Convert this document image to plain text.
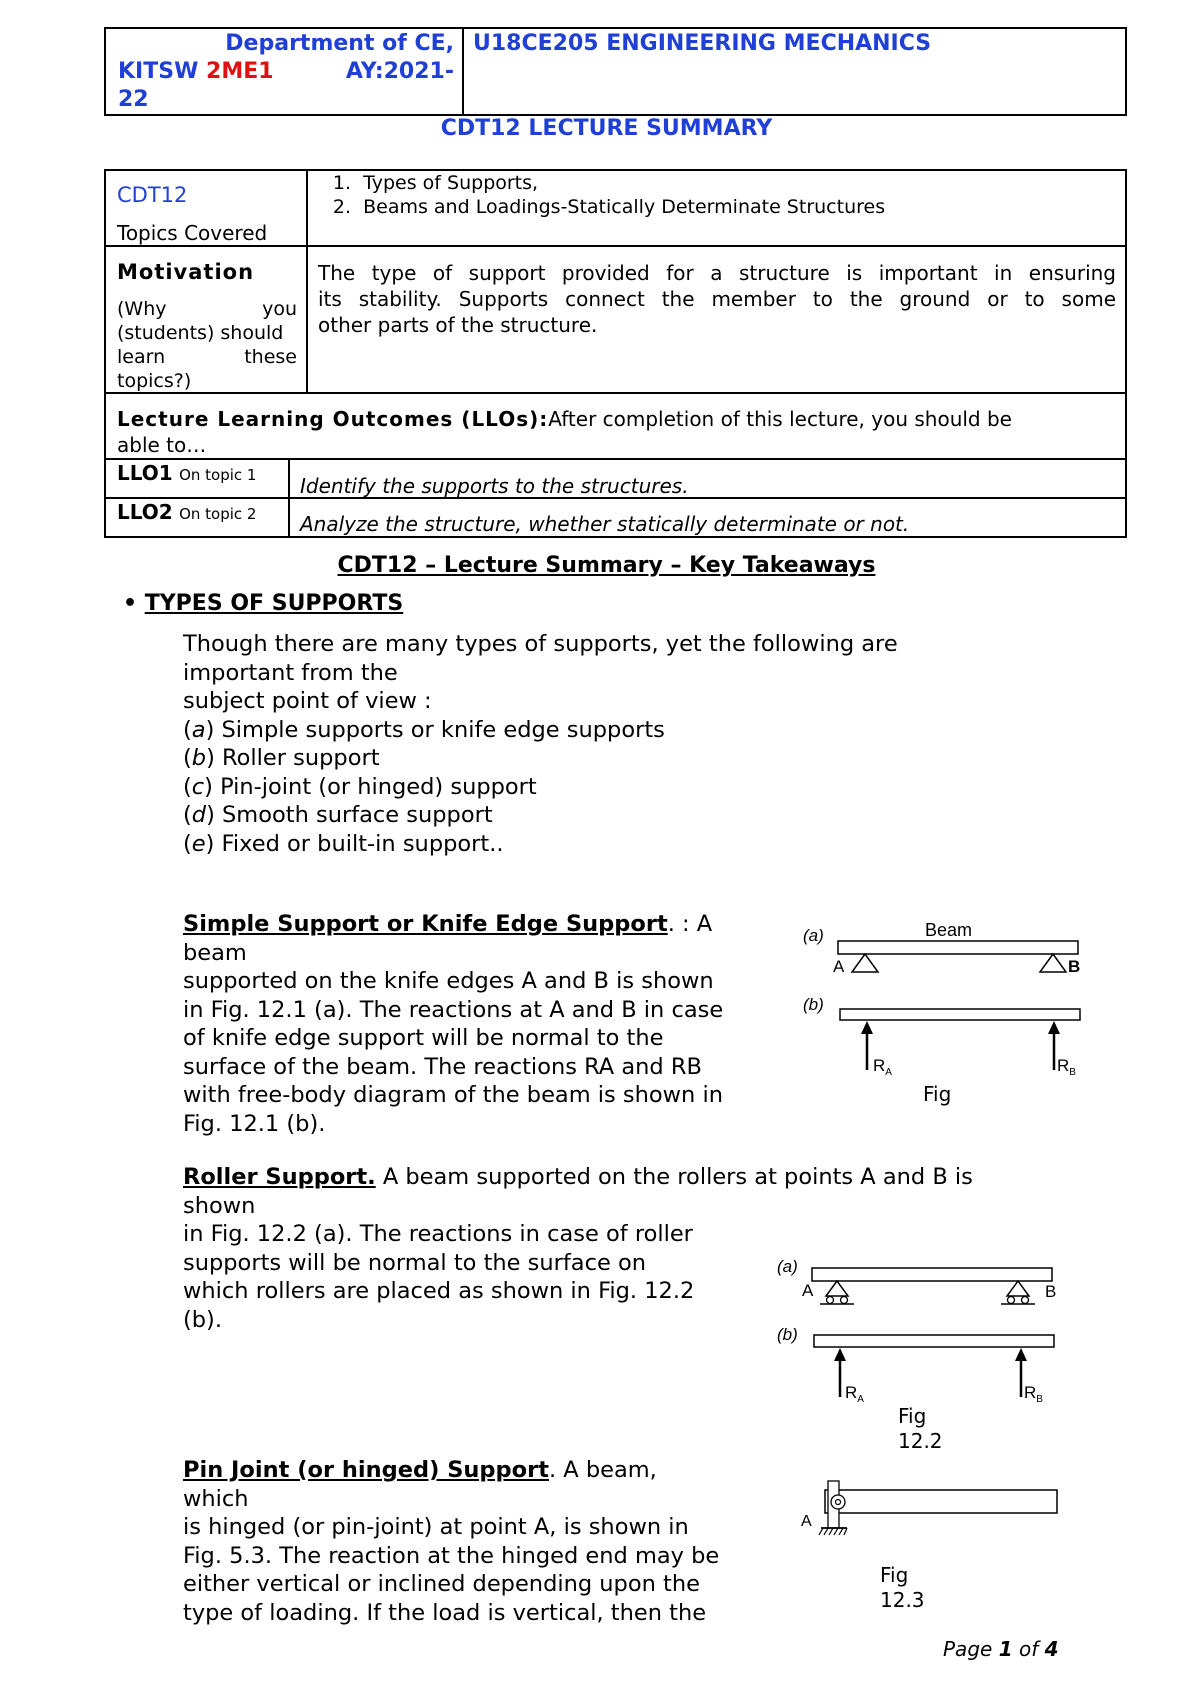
Department of CE,
KITSW 2ME1	AY:2021-
22
U18CE205 ENGINEERING MECHANICS
CDT12 LECTURE SUMMARY
CDT12
Topics Covered
1. Types of Supports,
2. Beams and Loadings-Statically Determinate Structures
Motivation
(Why	you
(students) should
learn	these
topics?)
The type of support provided for a structure is important in ensuring
its stability. Supports connect the member to the ground or to some
other parts of the structure.
Lecture Learning Outcomes (LLOs):After completion of this lecture, you should be
able to…
LLO1 On topic 1 Identify the supports to the structures.
LLO2 On topic 2 Analyze the structure, whether statically determinate or not.
CDT12 – Lecture Summary – Key Takeaways
• TYPES OF SUPPORTS
Though there are many types of supports, yet the following are
important from the
subject point of view :
(a) Simple supports or knife edge supports
(b) Roller support
(c) Pin-joint (or hinged) support
(d) Smooth surface support
(e) Fixed or built-in support..
Simple Support or Knife Edge Support. : A
beam
supported on the knife edges A and B is shown
in Fig. 12.1 (a). The reactions at A and B in case
of knife edge support will be normal to the
surface of the beam. The reactions RA and RB
with free-body diagram of the beam is shown in
Fig. 12.1 (b).
(a)	Beam
A	B
(b)
$R_A$	$R_B$
Fig
Roller Support. A beam supported on the rollers at points A and B is
shown
in Fig. 12.2 (a). The reactions in case of roller
supports will be normal to the surface on
which rollers are placed as shown in Fig. 12.2
(b).
(a)
A	B
(b)
$R_A$	$R_B$
Fig
12.2
Pin Joint (or hinged) Support. A beam,
which
is hinged (or pin-joint) at point A, is shown in
Fig. 5.3. The reaction at the hinged end may be
either vertical or inclined depending upon the
type of loading. If the load is vertical, then the
A
Fig
12.3
Page 1 of 4
